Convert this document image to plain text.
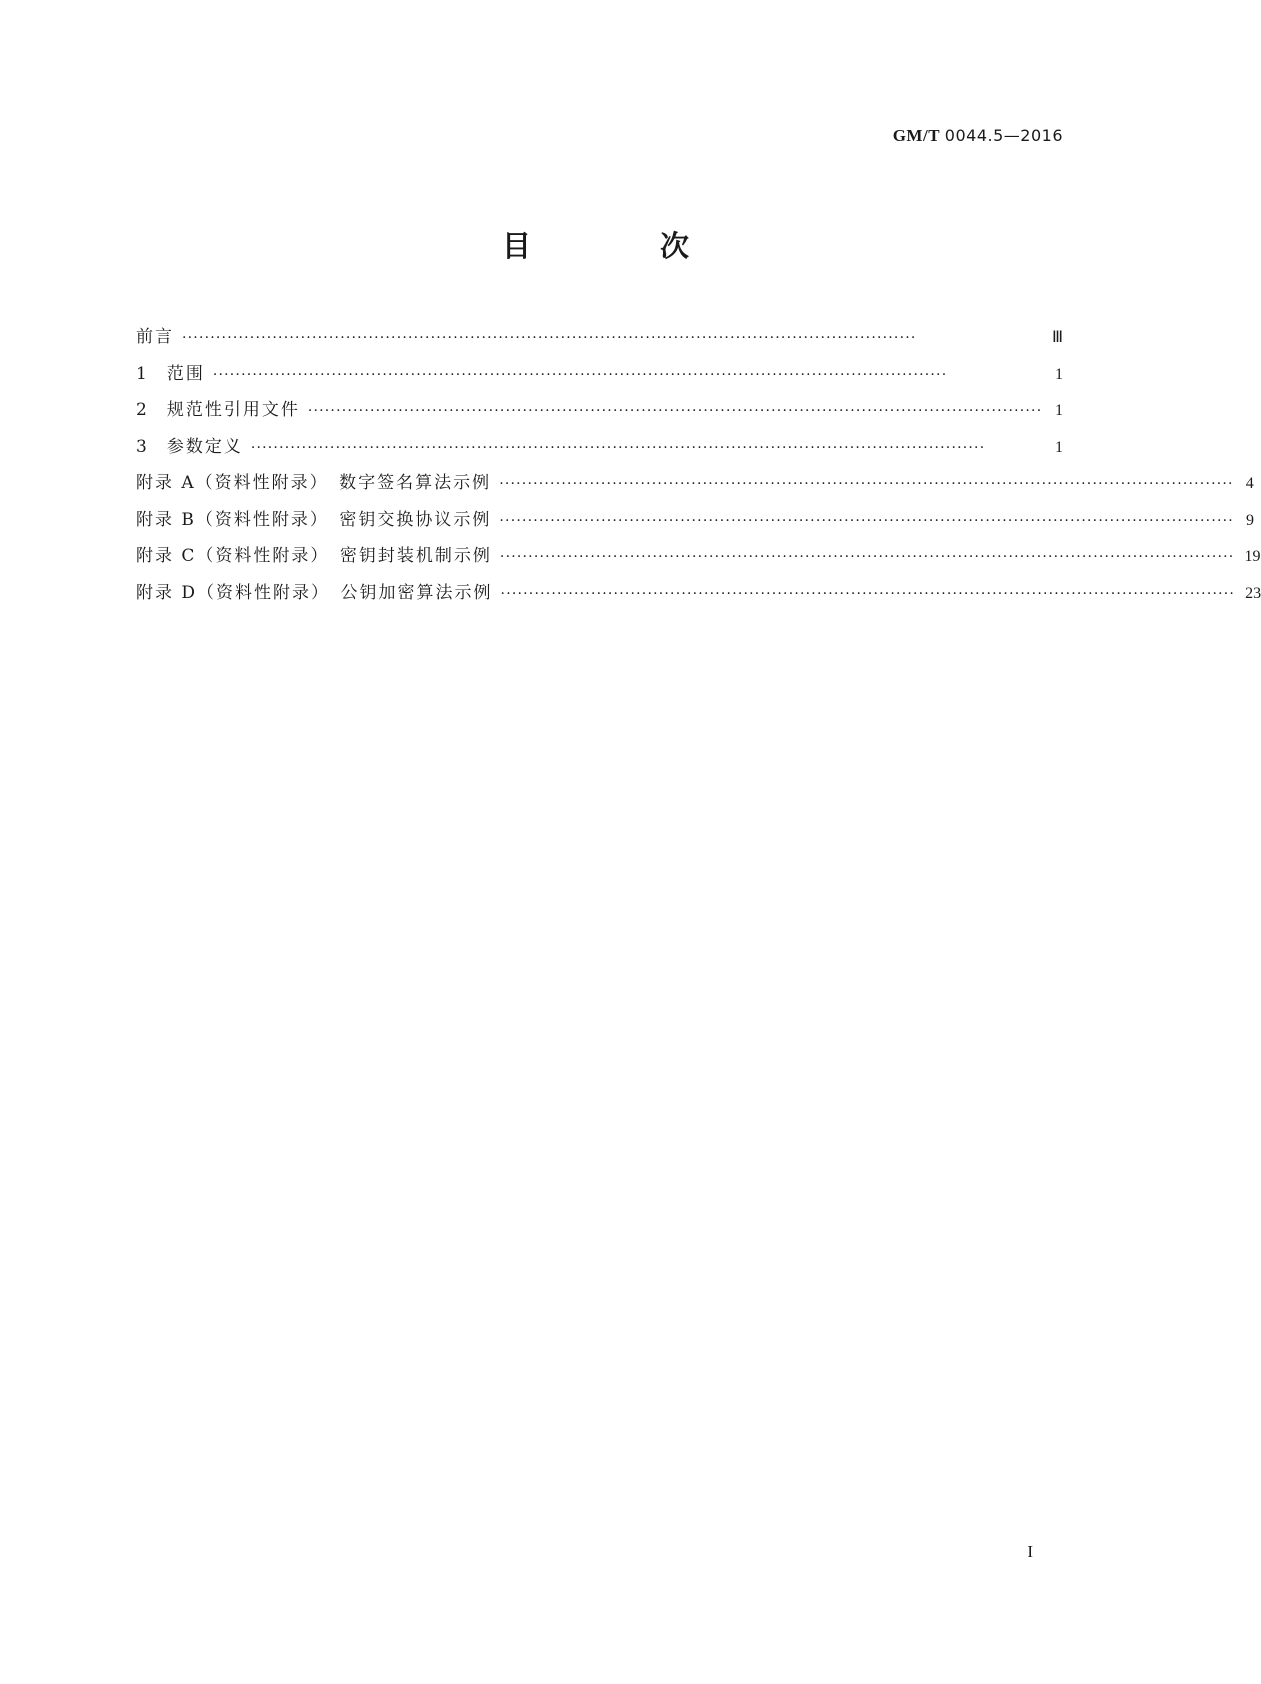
GM/T 0044.5—2016
目　次
前言 ··································································································································	Ⅲ
1 范围 ··································································································································	1
2 规范性引用文件 ·································································································································· 1
3 参数定义 ··································································································································	1
附录 A（资料性附录）　数字签名算法示例 ·································································································································· 4
附录 B（资料性附录）　密钥交换协议示例 ·································································································································· 9
附录 C（资料性附录）　密钥封装机制示例 ·································································································································· 19
附录 D（资料性附录）　公钥加密算法示例 ·································································································································· 23
I
